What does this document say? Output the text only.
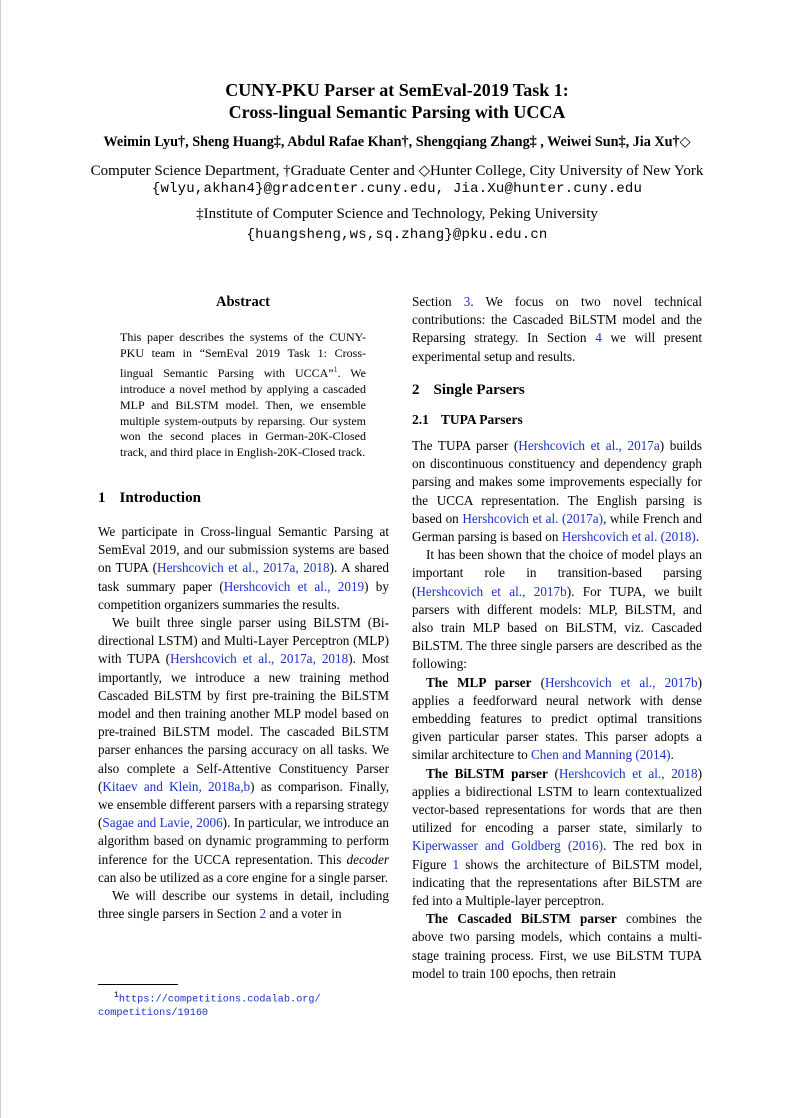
CUNY-PKU Parser at SemEval-2019 Task 1:
Cross-lingual Semantic Parsing with UCCA
Weimin Lyu†, Sheng Huang‡, Abdul Rafae Khan†, Shengqiang Zhang‡ , Weiwei Sun‡, Jia Xu†◇
Computer Science Department, †Graduate Center and ◇Hunter College, City University of New York
{wlyu,akhan4}@gradcenter.cuny.edu, Jia.Xu@hunter.cuny.edu
‡Institute of Computer Science and Technology, Peking University
{huangsheng,ws,sq.zhang}@pku.edu.cn
Abstract
This paper describes the systems of the CUNY-PKU team in “SemEval 2019 Task 1: Cross-lingual Semantic Parsing with UCCA”$^1$. We introduce a novel method by applying a cascaded MLP and BiLSTM model. Then, we ensemble multiple system-outputs by reparsing. Our system won the second places in German-20K-Closed track, and third place in English-20K-Closed track.
1 Introduction

We participate in Cross-lingual Semantic Parsing at SemEval 2019, and our submission systems are based on TUPA (Hershcovich et al., 2017a, 2018). A shared task summary paper (Hershcovich et al., 2019) by competition organizers summaries the results.

We built three single parser using BiLSTM (Bi-directional LSTM) and Multi-Layer Perceptron (MLP) with TUPA (Hershcovich et al., 2017a, 2018). Most importantly, we introduce a new training method Cascaded BiLSTM by first pre-training the BiLSTM model and then training another MLP model based on pre-trained BiLSTM model. The cascaded BiLSTM parser enhances the parsing accuracy on all tasks. We also complete a Self-Attentive Constituency Parser (Kitaev and Klein, 2018a,b) as comparison. Finally, we ensemble different parsers with a reparsing strategy (Sagae and Lavie, 2006). In particular, we introduce an algorithm based on dynamic programming to perform inference for the UCCA representation. This decoder can also be utilized as a core engine for a single parser.

We will describe our systems in detail, including three single parsers in Section 2 and a voter in

$^1$https://competitions.codalab.org/
competitions/19160

Section 3. We focus on two novel technical contributions: the Cascaded BiLSTM model and the Reparsing strategy. In Section 4 we will present experimental setup and results.

2 Single Parsers
2.1 TUPA Parsers

The TUPA parser (Hershcovich et al., 2017a) builds on discontinuous constituency and dependency graph parsing and makes some improvements especially for the UCCA representation. The English parsing is based on Hershcovich et al. (2017a), while French and German parsing is based on Hershcovich et al. (2018).

It has been shown that the choice of model plays an important role in transition-based parsing (Hershcovich et al., 2017b). For TUPA, we built parsers with different models: MLP, BiLSTM, and also train MLP based on BiLSTM, viz. Cascaded BiLSTM. The three single parsers are described as the following:

The MLP parser (Hershcovich et al., 2017b) applies a feedforward neural network with dense embedding features to predict optimal transitions given particular parser states. This parser adopts a similar architecture to Chen and Manning (2014).

The BiLSTM parser (Hershcovich et al., 2018) applies a bidirectional LSTM to learn contextualized vector-based representations for words that are then utilized for encoding a parser state, similarly to Kiperwasser and Goldberg (2016). The red box in Figure 1 shows the architecture of BiLSTM model, indicating that the representations after BiLSTM are fed into a Multiple-layer perceptron.

The Cascaded BiLSTM parser combines the above two parsing models, which contains a multi-stage training process. First, we use BiLSTM TUPA model to train 100 epochs, then retrain
